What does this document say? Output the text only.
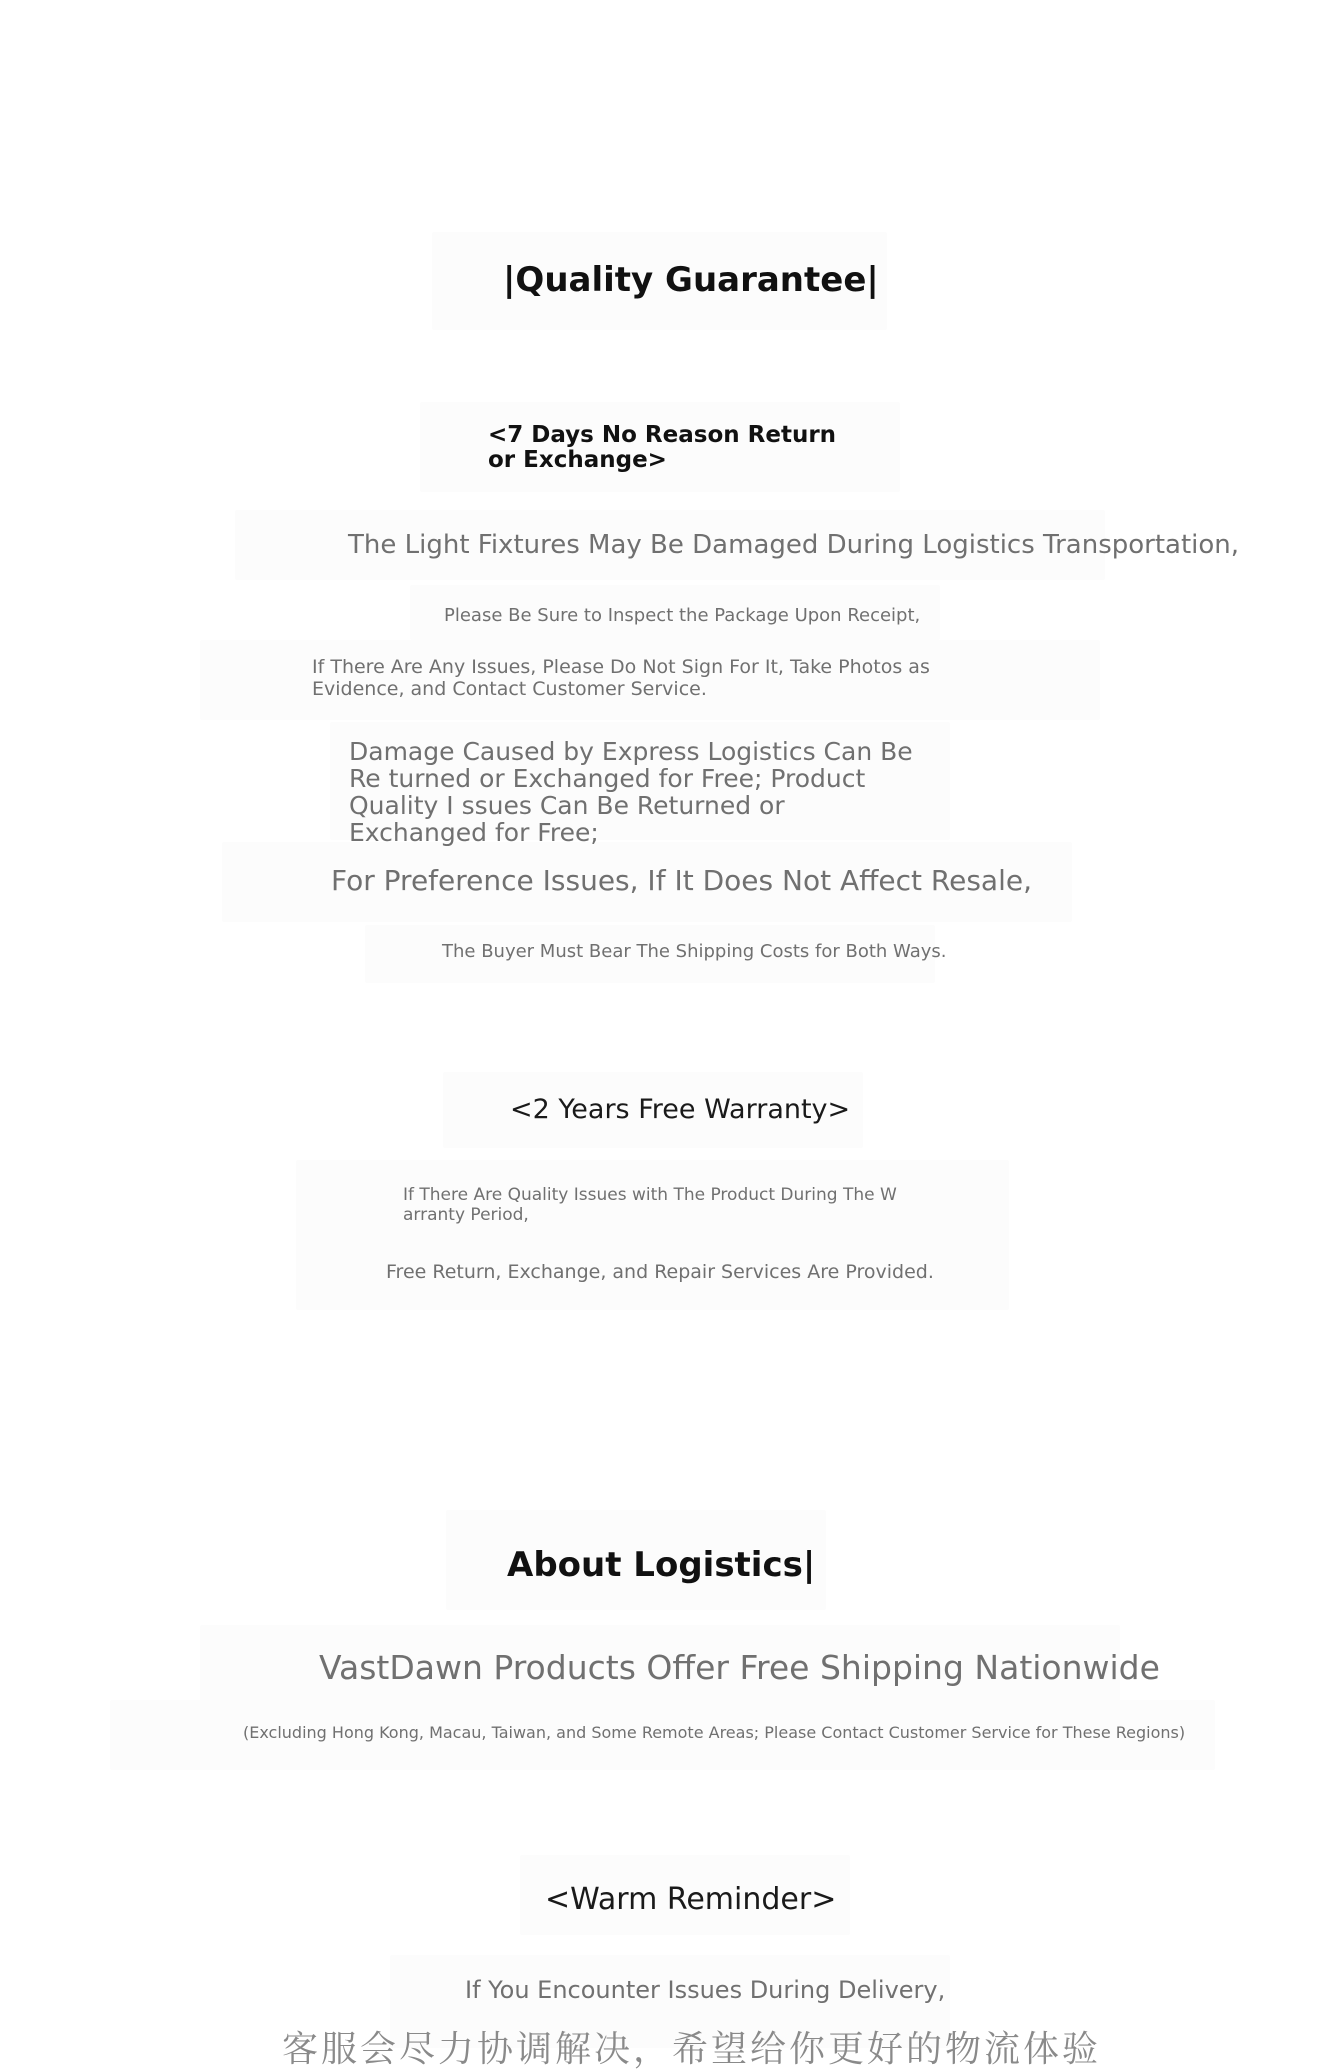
|Quality Guarantee|
<7 Days No Reason Return or Exchange>

The Light Fixtures May Be Damaged During Logistics Transportation,

Please Be Sure to Inspect the Package Upon Receipt,

If There Are Any Issues, Please Do Not Sign For It, Take Photos as Evidence, and Contact Customer Service.

Damage Caused by Express Logistics Can Be Re turned or Exchanged for Free; Product Quality I ssues Can Be Returned or Exchanged for Free;

For Preference Issues, If It Does Not Affect Resale,

The Buyer Must Bear The Shipping Costs for Both Ways.

<2 Years Free Warranty>

If There Are Quality Issues with The Product During The W arranty Period,

Free Return, Exchange, and Repair Services Are Provided.

About Logistics|

VastDawn Products Offer Free Shipping Nationwide

(Excluding Hong Kong, Macau, Taiwan, and Some Remote Areas; Please Contact Customer Service for These Regions)

<Warm Reminder>

If You Encounter Issues During Delivery,

客服会尽力协调解决，希望给你更好的物流体验
